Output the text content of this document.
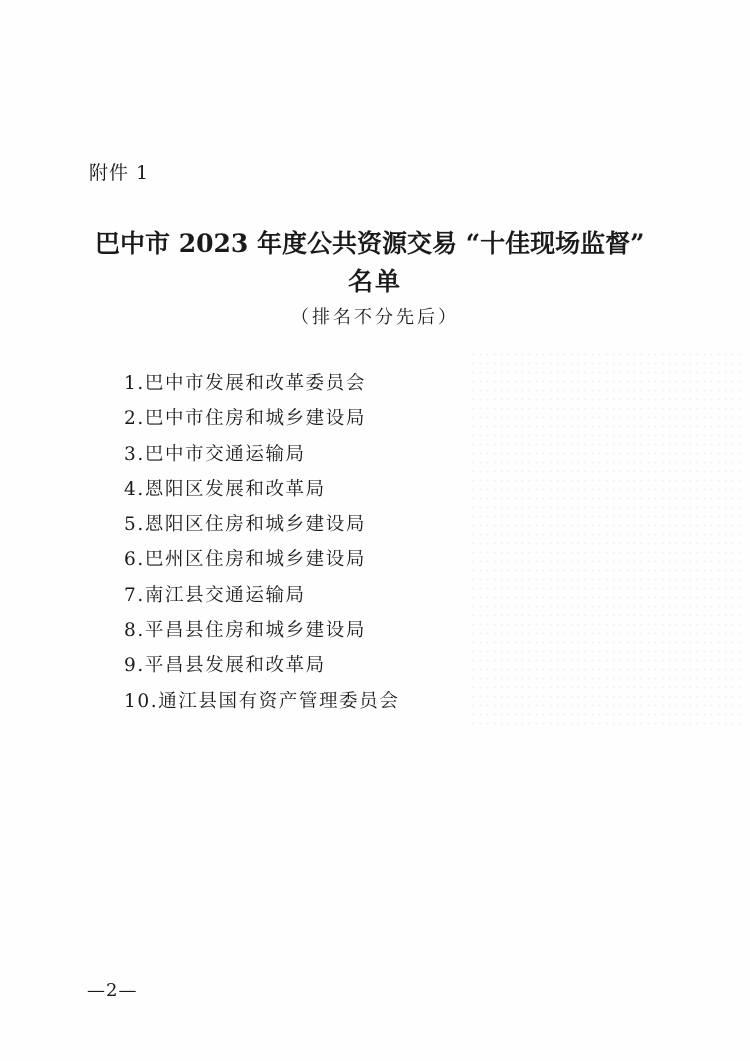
附件 1
巴中市 2023 年度公共资源交易 “十佳现场监督”
名单
（排名不分先后）
1.巴中市发展和改革委员会
2.巴中市住房和城乡建设局
3.巴中市交通运输局
4.恩阳区发展和改革局
5.恩阳区住房和城乡建设局
6.巴州区住房和城乡建设局
7.南江县交通运输局
8.平昌县住房和城乡建设局
9.平昌县发展和改革局
10.通江县国有资产管理委员会
—2—
